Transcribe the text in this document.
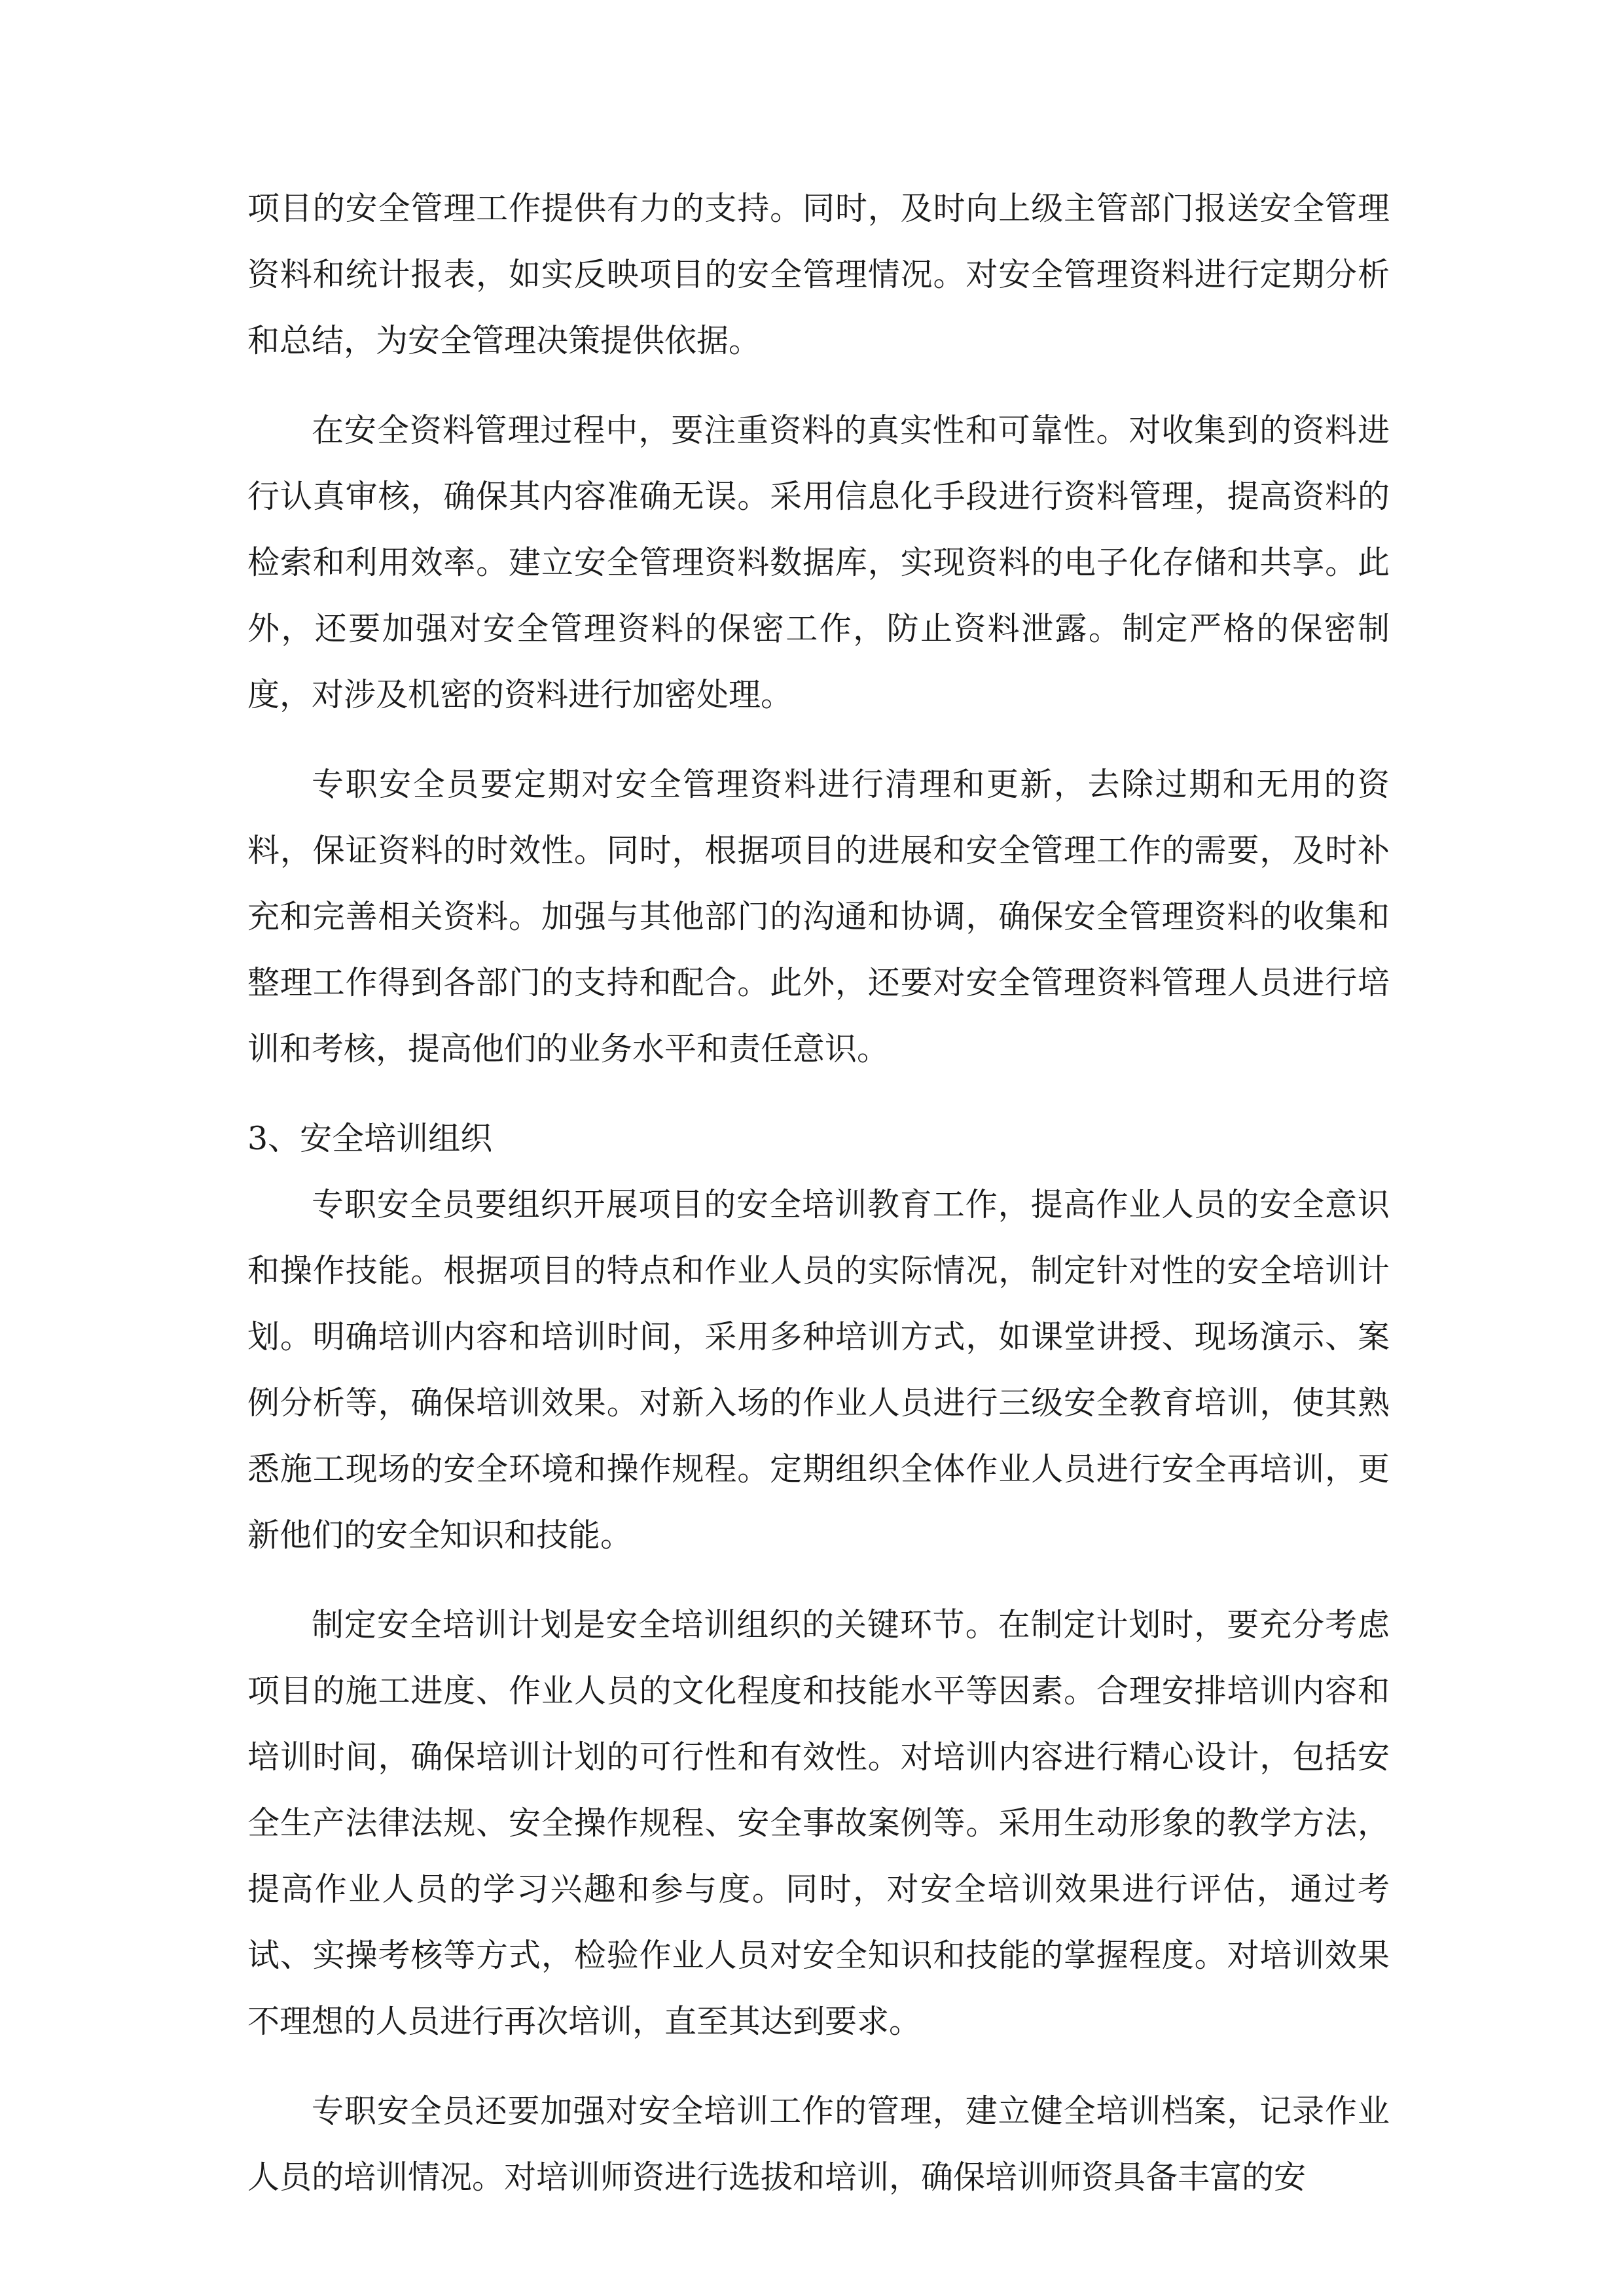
项目的安全管理工作提供有力的支持。同时，及时向上级主管部门报送安全管理资料和统计报表，如实反映项目的安全管理情况。对安全管理资料进行定期分析和总结，为安全管理决策提供依据。

在安全资料管理过程中，要注重资料的真实性和可靠性。对收集到的资料进行认真审核，确保其内容准确无误。采用信息化手段进行资料管理，提高资料的检索和利用效率。建立安全管理资料数据库，实现资料的电子化存储和共享。此外，还要加强对安全管理资料的保密工作，防止资料泄露。制定严格的保密制度，对涉及机密的资料进行加密处理。

专职安全员要定期对安全管理资料进行清理和更新，去除过期和无用的资料，保证资料的时效性。同时，根据项目的进展和安全管理工作的需要，及时补充和完善相关资料。加强与其他部门的沟通和协调，确保安全管理资料的收集和整理工作得到各部门的支持和配合。此外，还要对安全管理资料管理人员进行培训和考核，提高他们的业务水平和责任意识。

3、安全培训组织

专职安全员要组织开展项目的安全培训教育工作，提高作业人员的安全意识和操作技能。根据项目的特点和作业人员的实际情况，制定针对性的安全培训计划。明确培训内容和培训时间，采用多种培训方式，如课堂讲授、现场演示、案例分析等，确保培训效果。对新入场的作业人员进行三级安全教育培训，使其熟悉施工现场的安全环境和操作规程。定期组织全体作业人员进行安全再培训，更新他们的安全知识和技能。

制定安全培训计划是安全培训组织的关键环节。在制定计划时，要充分考虑项目的施工进度、作业人员的文化程度和技能水平等因素。合理安排培训内容和培训时间，确保培训计划的可行性和有效性。对培训内容进行精心设计，包括安全生产法律法规、安全操作规程、安全事故案例等。采用生动形象的教学方法，提高作业人员的学习兴趣和参与度。同时，对安全培训效果进行评估，通过考试、实操考核等方式，检验作业人员对安全知识和技能的掌握程度。对培训效果不理想的人员进行再次培训，直至其达到要求。

专职安全员还要加强对安全培训工作的管理，建立健全培训档案，记录作业人员的培训情况。对培训师资进行选拔和培训，确保培训师资具备丰富的安
